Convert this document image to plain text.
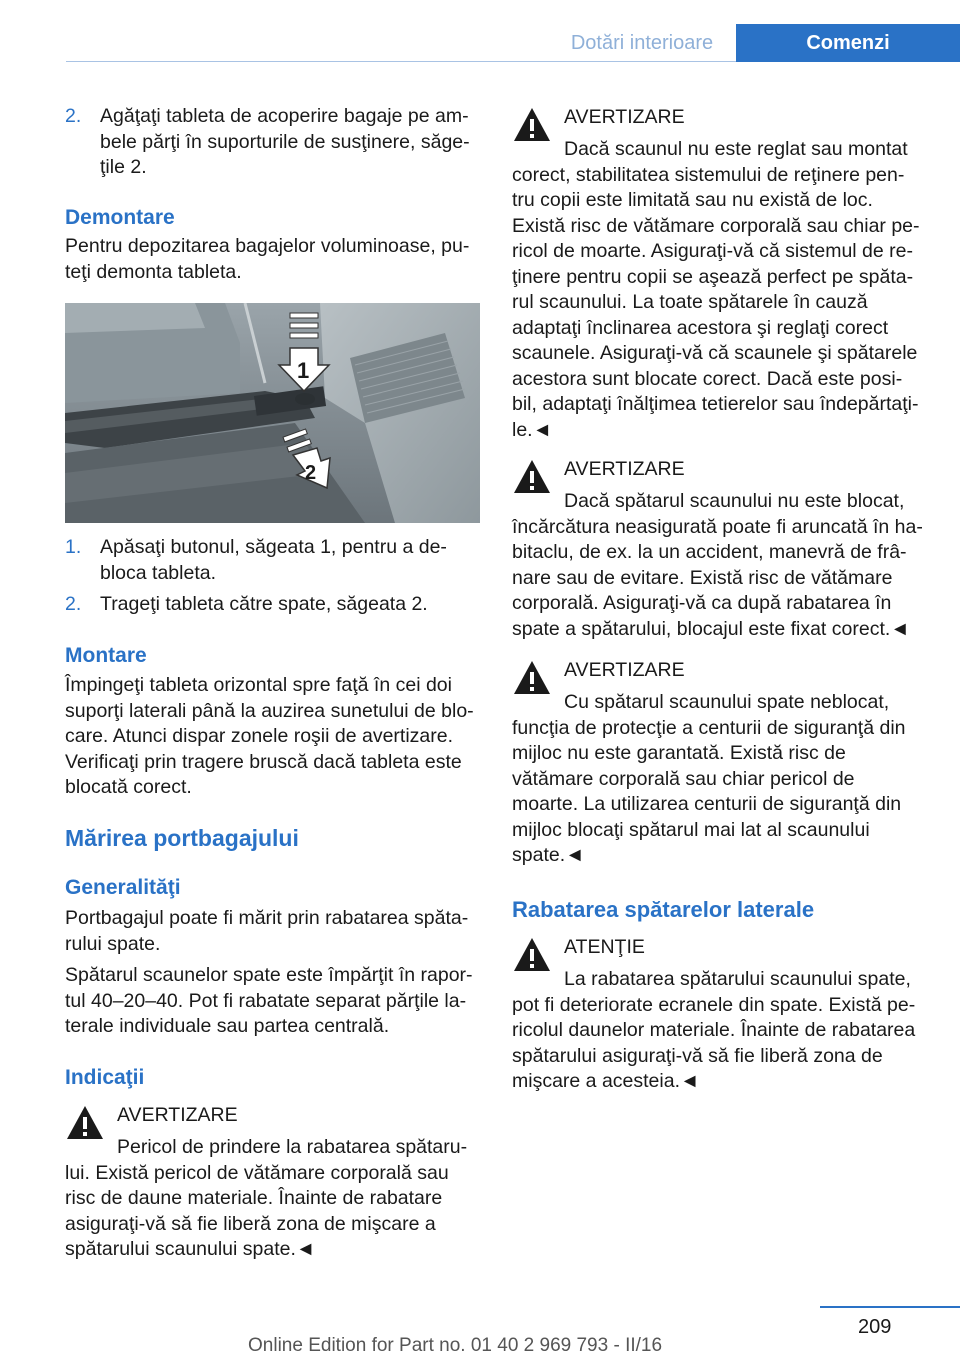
Dotări interioare	Comenzi
2. Agăţaţi tableta de acoperire bagaje pe am‐
bele părţi în suporturile de susţinere, săge‐
ţile 2.
Demontare
Pentru depozitarea bagajelor voluminoase, pu‐
teţi demonta tableta.
1
2
1. Apăsaţi butonul, săgeata 1, pentru a de‐
bloca tableta.
2. Trageţi tableta către spate, săgeata 2.
Montare
Împingeţi tableta orizontal spre faţă în cei doi
suporţi laterali până la auzirea sunetului de blo‐
care. Atunci dispar zonele roşii de avertizare.
Verificaţi prin tragere bruscă dacă tableta este
blocată corect.
Mărirea portbagajului
Generalităţi
Portbagajul poate fi mărit prin rabatarea spăta‐
rului spate.
Spătarul scaunelor spate este împărţit în rapor‐
tul 40–20–40. Pot fi rabatate separat părţile la‐
terale individuale sau partea centrală.
Indicaţii
AVERTIZARE
Pericol de prindere la rabatarea spătaru‐
lui. Există pericol de vătămare corporală sau
risc de daune materiale. Înainte de rabatare
asiguraţi-vă să fie liberă zona de mişcare a
spătarului scaunului spate.◄
AVERTIZARE
Dacă scaunul nu este reglat sau montat
corect, stabilitatea sistemului de reţinere pen‐
tru copii este limitată sau nu există de loc.
Există risc de vătămare corporală sau chiar pe‐
ricol de moarte. Asiguraţi-vă că sistemul de re‐
ţinere pentru copii se aşează perfect pe spăta‐
rul scaunului. La toate spătarele în cauză
adaptaţi înclinarea acestora şi reglaţi corect
scaunele. Asiguraţi-vă că scaunele şi spătarele
acestora sunt blocate corect. Dacă este posi‐
bil, adaptaţi înălţimea tetierelor sau îndepărtaţi‐
le.◄
AVERTIZARE
Dacă spătarul scaunului nu este blocat,
încărcătura neasigurată poate fi aruncată în ha‐
bitaclu, de ex. la un accident, manevră de frâ‐
nare sau de evitare. Există risc de vătămare
corporală. Asiguraţi-vă ca după rabatarea în
spate a spătarului, blocajul este fixat corect.◄
AVERTIZARE
Cu spătarul scaunului spate neblocat,
funcţia de protecţie a centurii de siguranţă din
mijloc nu este garantată. Există risc de
vătămare corporală sau chiar pericol de
moarte. La utilizarea centurii de siguranţă din
mijloc blocaţi spătarul mai lat al scaunului
spate.◄
Rabatarea spătarelor laterale
ATENŢIE
La rabatarea spătarului scaunului spate,
pot fi deteriorate ecranele din spate. Există pe‐
ricolul daunelor materiale. Înainte de rabatarea
spătarului asiguraţi-vă să fie liberă zona de
mişcare a acesteia.◄
209
Online Edition for Part no. 01 40 2 969 793 - II/16
